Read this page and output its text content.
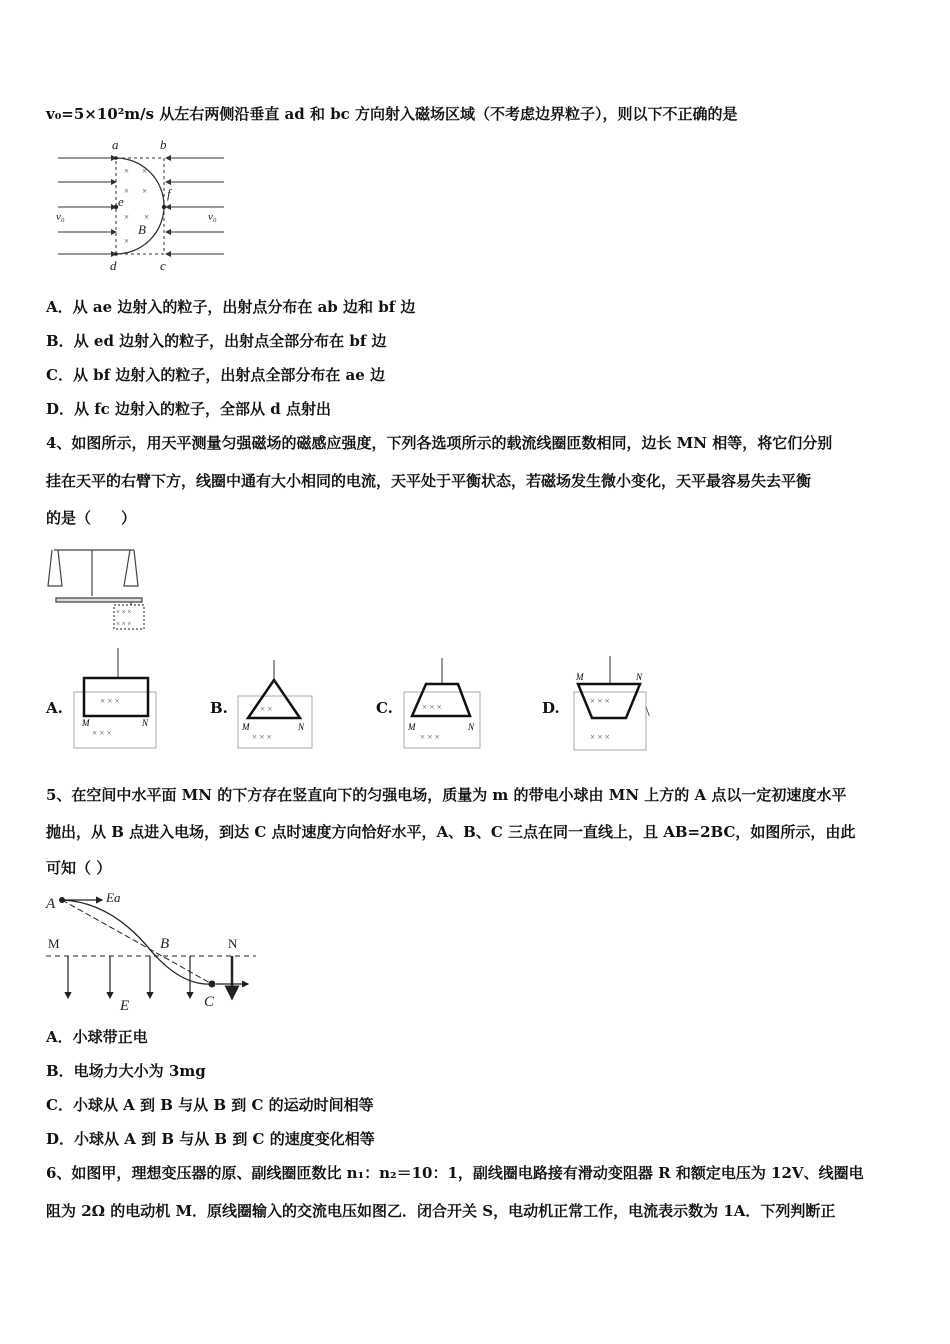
v₀=5×10²m/s 从左右两侧沿垂直 ad 和 bc 方向射入磁场区域（不考虑边界粒子），则以下不正确的是
× ×
× ×
× ×
×
a	b
c
d
e
f
B
v₀	v₀
A．从 ae 边射入的粒子，出射点分布在 ab 边和 bf 边
B．从 ed 边射入的粒子，出射点全部分布在 bf 边
C．从 bf 边射入的粒子，出射点全部分布在 ae 边
D．从 fc 边射入的粒子，全部从 d 点射出
4、如图所示，用天平测量匀强磁场的磁感应强度，下列各选项所示的载流线圈匝数相同，边长 MN 相等，将它们分别
挂在天平的右臂下方，线圈中通有大小相同的电流，天平处于平衡状态，若磁场发生微小变化，天平最容易失去平衡
的是（　　）
× × ×
× × ×
A.	× × ×
× × ×
M	N
B.	× ×
× × ×
M	N
C.	× × ×
× × ×
M	N
D.	× × ×
× × ×
M	N
\
5、在空间中水平面 MN 的下方存在竖直向下的匀强电场，质量为 m 的带电小球由 MN 上方的 A 点以一定初速度水平
抛出，从 B 点进入电场，到达 C 点时速度方向恰好水平，A、B、C 三点在同一直线上，且 AB=2BC，如图所示，由此
可知（ ）
A	Ea
B
E	C
M	N
A．小球带正电
B．电场力大小为 3mg
C．小球从 A 到 B 与从 B 到 C 的运动时间相等
D．小球从 A 到 B 与从 B 到 C 的速度变化相等
6、如图甲，理想变压器的原、副线圈匝数比 n₁：n₂＝10：1，副线圈电路接有滑动变阻器 R 和额定电压为 12V、线圈电
阻为 2Ω 的电动机 M．原线圈输入的交流电压如图乙．闭合开关 S，电动机正常工作，电流表示数为 1A．下列判断正
